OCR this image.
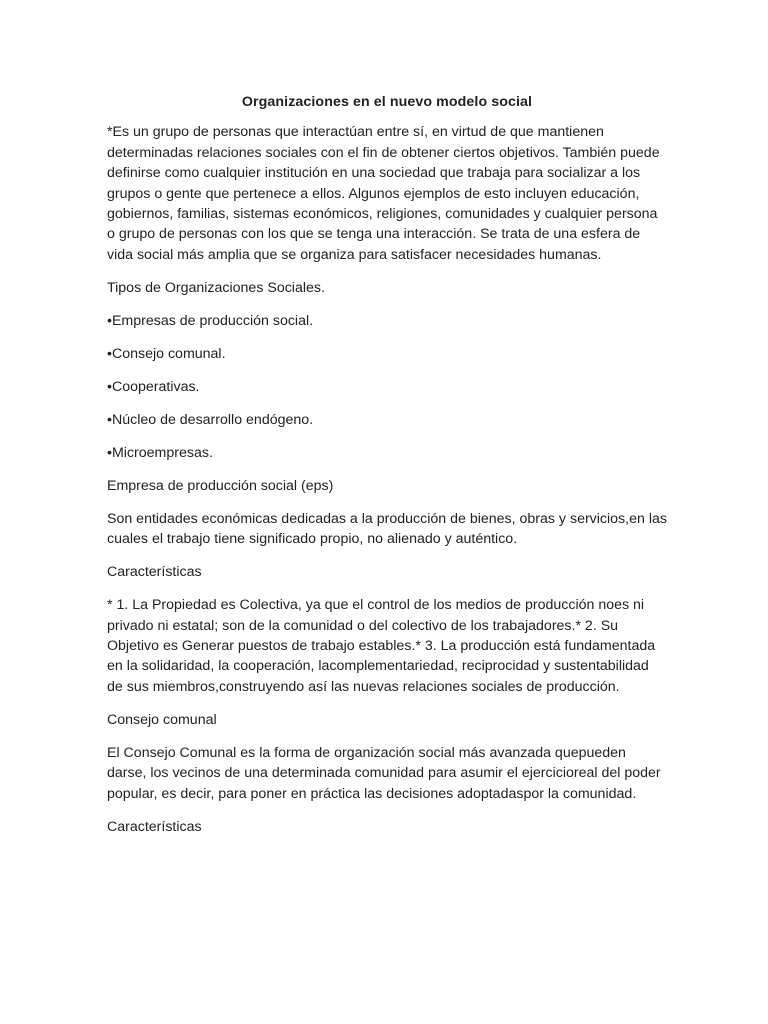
Organizaciones en el nuevo modelo social

*Es un grupo de personas que interactúan entre sí, en virtud de que mantienen determinadas relaciones sociales con el fin de obtener ciertos objetivos. También puede definirse como cualquier institución en una sociedad que trabaja para socializar a los grupos o gente que pertenece a ellos. Algunos ejemplos de esto incluyen educación, gobiernos, familias, sistemas económicos, religiones, comunidades y cualquier persona o grupo de personas con los que se tenga una interacción. Se trata de una esfera de vida social más amplia que se organiza para satisfacer necesidades humanas.

Tipos de Organizaciones Sociales.

•Empresas de producción social.

•Consejo comunal.

•Cooperativas.

•Núcleo de desarrollo endógeno.

•Microempresas.

Empresa de producción social (eps)

Son entidades económicas dedicadas a la producción de bienes, obras y servicios,en las cuales el trabajo tiene significado propio, no alienado y auténtico.

Características

* 1. La Propiedad es Colectiva, ya que el control de los medios de producción noes ni privado ni estatal; son de la comunidad o del colectivo de los trabajadores.* 2. Su Objetivo es Generar puestos de trabajo estables.* 3. La producción está fundamentada en la solidaridad, la cooperación, lacomplementariedad, reciprocidad y sustentabilidad de sus miembros,construyendo así las nuevas relaciones sociales de producción.

Consejo comunal

El Consejo Comunal es la forma de organización social más avanzada quepueden darse, los vecinos de una determinada comunidad para asumir el ejercicioreal del poder popular, es decir, para poner en práctica las decisiones adoptadaspor la comunidad.

Características
